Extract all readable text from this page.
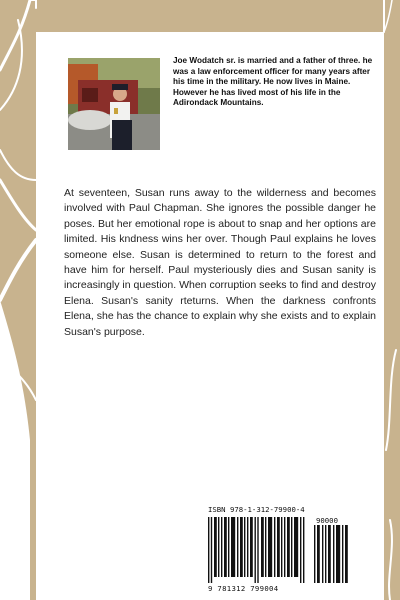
Joe Wodatch sr. is married and a father of three. he was a law enforcement officer for many years after his time in the military. He now lives in Maine. However he has lived most of his life in the Adirondack Mountains.

At seventeen, Susan runs away to the wilderness and becomes involved with Paul Chapman. She ignores the possible danger he poses. But her emotional rope is about to snap and her options are limited. His kndness wins her over. Though Paul explains he loves someone else. Susan is determined to return to the forest and have him for herself. Paul mysteriously dies and Susan sanity is increasingly in question. When corruption seeks to find and destroy Elena. Susan's sanity rteturns. When the darkness confronts Elena, she has the chance to explain why she exists and to explain Susan's purpose.

ISBN 978-1-312-79900-4
90000
9 781312 799004
